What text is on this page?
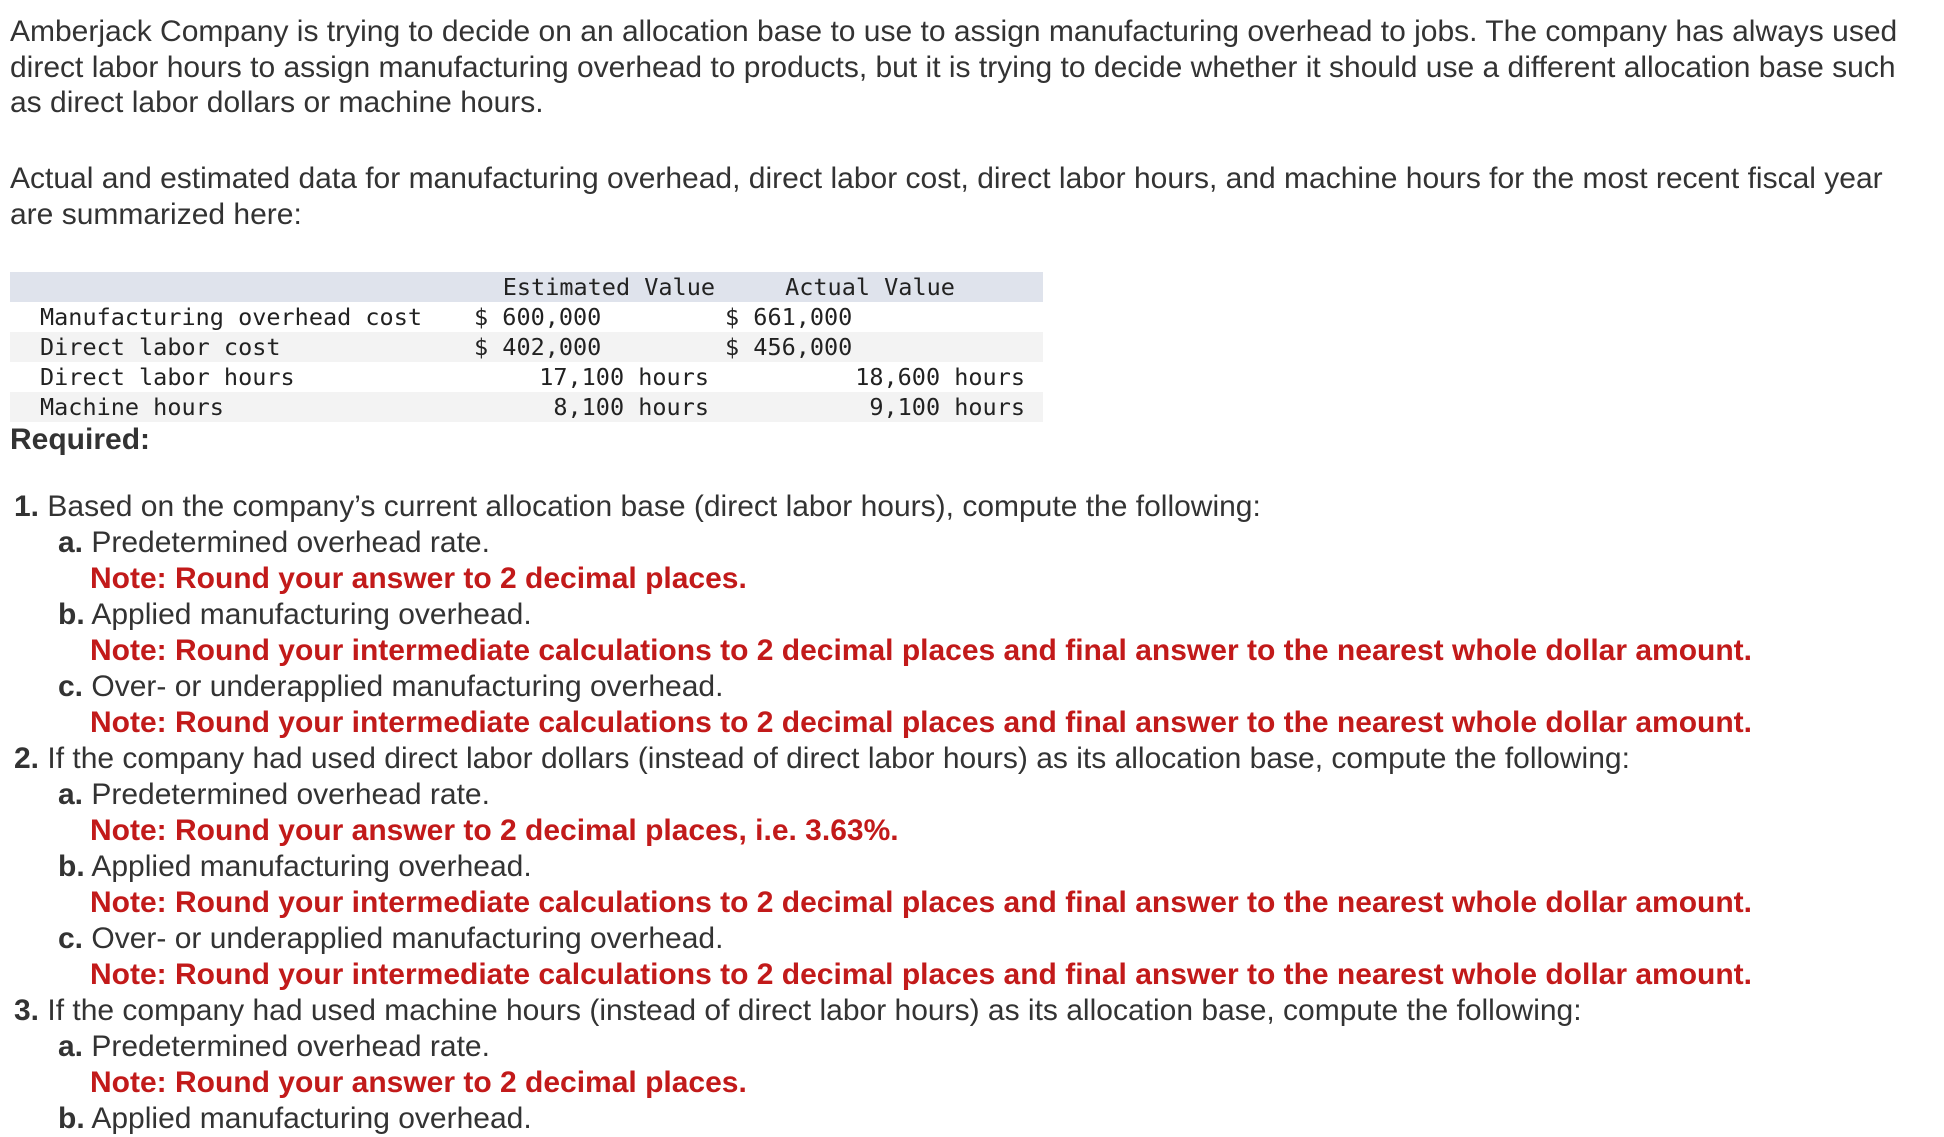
Amberjack Company is trying to decide on an allocation base to use to assign manufacturing overhead to jobs. The company has always used direct labor hours to assign manufacturing overhead to products, but it is trying to decide whether it should use a different allocation base such as direct labor dollars or machine hours.

Actual and estimated data for manufacturing overhead, direct labor cost, direct labor hours, and machine hours for the most recent fiscal year are summarized here:

	Estimated Value	Actual Value
Manufacturing overhead cost	$ 600,000	$ 661,000
Direct labor cost	$ 402,000	$ 456,000
Direct labor hours	17,100 hours	18,600 hours
Machine hours	8,100 hours	9,100 hours

Required:

1. Based on the company’s current allocation base (direct labor hours), compute the following:
a. Predetermined overhead rate.
Note: Round your answer to 2 decimal places.
b. Applied manufacturing overhead.
Note: Round your intermediate calculations to 2 decimal places and final answer to the nearest whole dollar amount.
c. Over- or underapplied manufacturing overhead.
Note: Round your intermediate calculations to 2 decimal places and final answer to the nearest whole dollar amount.
2. If the company had used direct labor dollars (instead of direct labor hours) as its allocation base, compute the following:
a. Predetermined overhead rate.
Note: Round your answer to 2 decimal places, i.e. 3.63%.
b. Applied manufacturing overhead.
Note: Round your intermediate calculations to 2 decimal places and final answer to the nearest whole dollar amount.
c. Over- or underapplied manufacturing overhead.
Note: Round your intermediate calculations to 2 decimal places and final answer to the nearest whole dollar amount.
3. If the company had used machine hours (instead of direct labor hours) as its allocation base, compute the following:
a. Predetermined overhead rate.
Note: Round your answer to 2 decimal places.
b. Applied manufacturing overhead.
